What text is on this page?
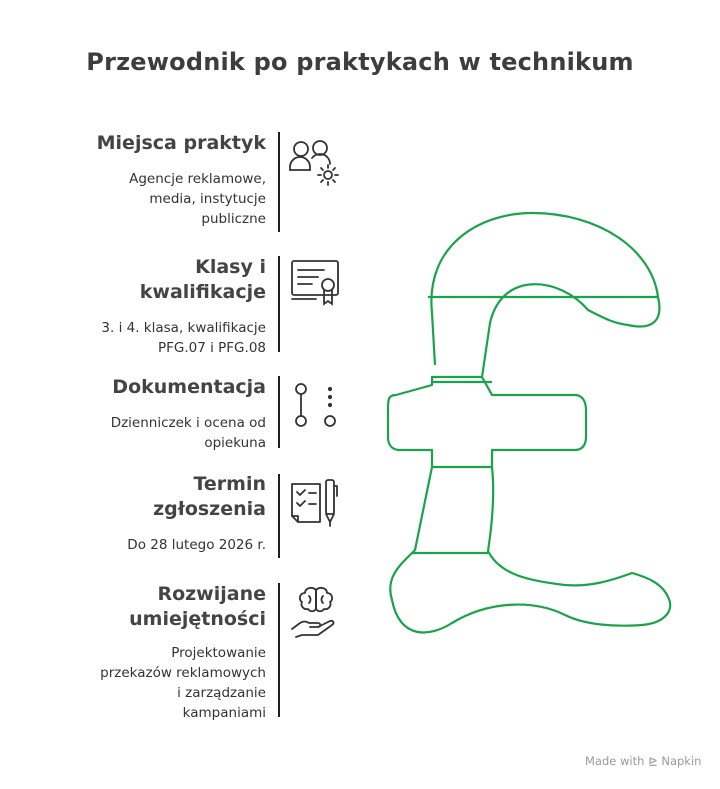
Przewodnik po praktykach w technikum
Miejsca praktyk

Agencje reklamowe,
media, instytucje
publiczne

Klasy i
kwalifikacje

3. i 4. klasa, kwalifikacje
PFG.07 i PFG.08

Dokumentacja

Dzienniczek i ocena od
opiekuna

Termin
zgłoszenia

Do 28 lutego 2026 r.

Rozwijane
umiejętności

Projektowanie
przekazów reklamowych
i zarządzanie
kampaniami

Made with ⊵ Napkin
